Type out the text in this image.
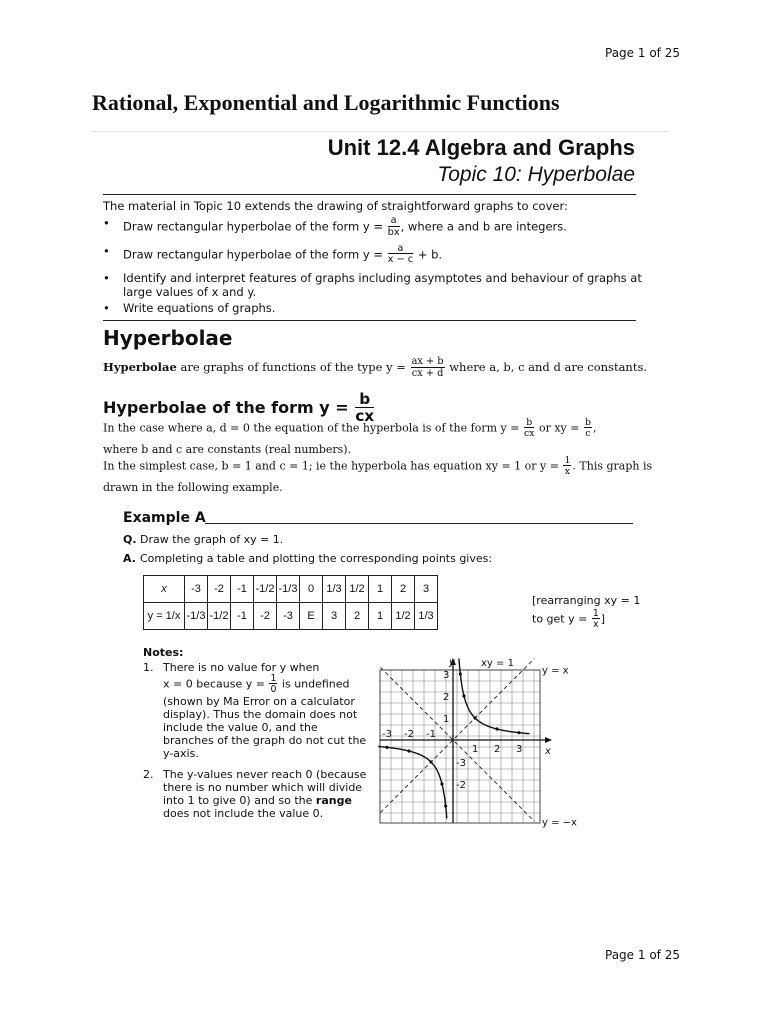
Page 1 of 25
Page 1 of 25
Rational, Exponential and Logarithmic Functions
Unit 12.4 Algebra and Graphs
Topic 10: Hyperbolae
The material in Topic 10 extends the drawing of straightforward graphs to cover:
• Draw rectangular hyperbolae of the form $y = \frac{a}{bx}$ , where a and b are integers.
• Draw rectangular hyperbolae of the form $y = \frac{a}{x - c} + b$.
• Identify and interpret features of graphs including asymptotes and behaviour of graphs at large values of x and y.
• Write equations of graphs.
Hyperbolae
Hyperbolae are graphs of functions of the type $y = \frac{ax + b}{cx + d}$ where a, b, c and d are constants.
Hyperbolae of the form $y = \frac{b}{cx}$
In the case where a, d = 0 the equation of the hyperbola is of the form $y = \frac{b}{cx}$ or xy = $\frac{b}{c}$ ,
where b and c are constants (real numbers).
In the simplest case, b = 1 and c = 1; ie the hyperbola has equation xy = 1 or $y = \frac{1}{x}$ . This graph is
drawn in the following example.
Example A
Q. Draw the graph of xy = 1.
A. Completing a table and plotting the corresponding points gives:
x	-3	-2	-1	-1/2	-1/3	0	1/3	1/2	1	2	3
y = 1/x	-1/3	-1/2	-1	-2	-3	E	3	2	1	1/2	1/3
[rearranging xy = 1
to get $y = \frac{1}{x}$ ]
Notes:
1. There is no value for y when
x = 0 because $y = \frac{1}{0}$ is undefined
(shown by Ma Error on a calculator display). Thus the domain does not include the value 0, and the branches of the graph do not cut the y-axis.
2. The y-values never reach 0 (because there is no number which will divide into 1 to give 0) and so the range does not include the value 0.
y	xy = 1
y = x
y = −x
x
1 2 3
-3 -2 -1
1
2
3
-2
-3
